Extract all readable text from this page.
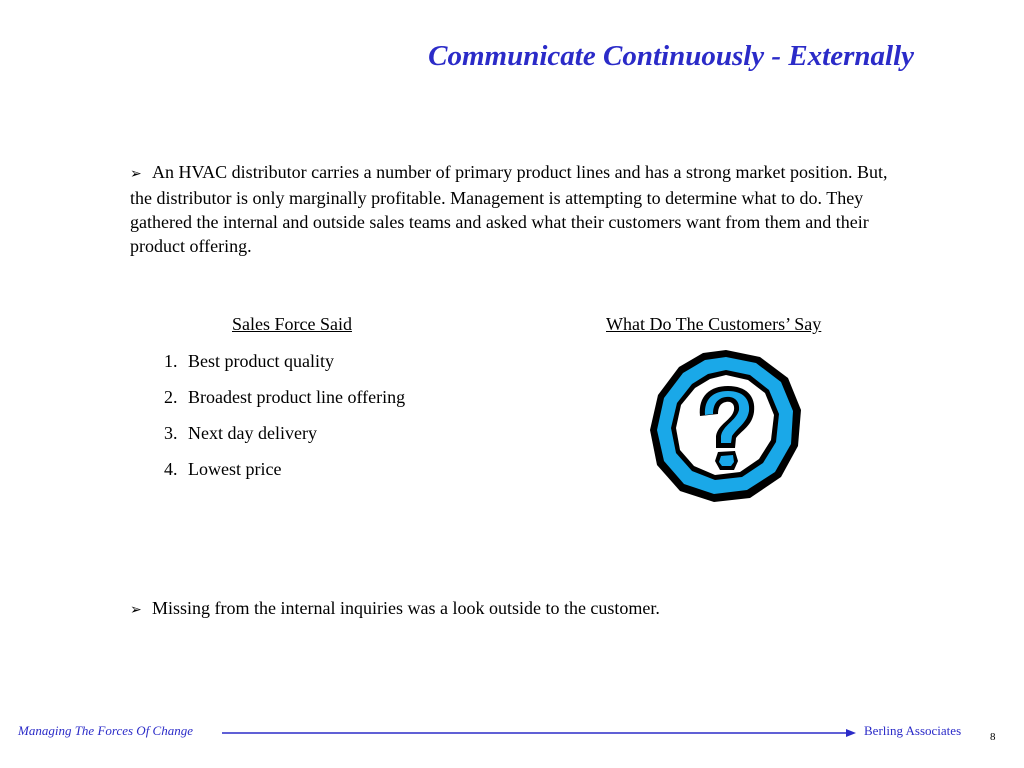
Communicate Continuously - Externally
➢ An HVAC distributor carries a number of primary product lines and has a strong market position. But, the distributor is only marginally profitable. Management is attempting to determine what to do. They gathered the internal and outside sales teams and asked what their customers want from them and their product offering.
Sales Force Said	What Do The Customers’ Say
1. Best product quality
2. Broadest product line offering
3. Next day delivery
4. Lowest price
➢ Missing from the internal inquiries was a look outside to the customer.
Managing The Forces Of Change	Berling Associates	8
